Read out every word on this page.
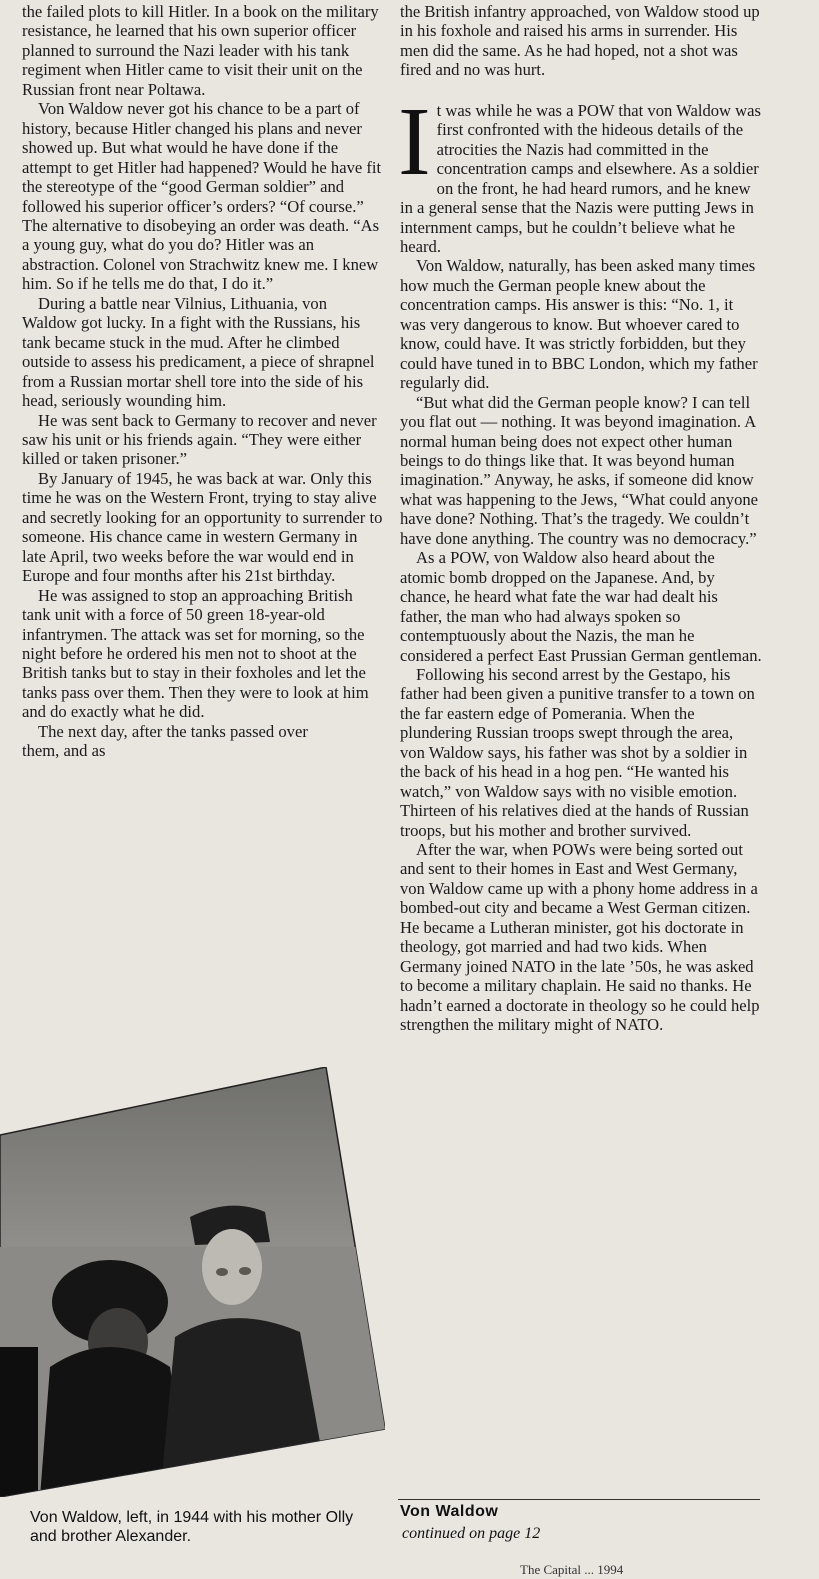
the failed plots to kill Hitler. In a book on the military resistance, he learned that his own superior officer planned to surround the Nazi leader with his tank regiment when Hitler came to visit their unit on the Russian front near Poltawa.

Von Waldow never got his chance to be a part of history, because Hitler changed his plans and never showed up. But what would he have done if the attempt to get Hitler had happened? Would he have fit the stereotype of the “good German soldier” and followed his superior officer’s orders? “Of course.” The alternative to disobeying an order was death. “As a young guy, what do you do? Hitler was an abstraction. Colonel von Strachwitz knew me. I knew him. So if he tells me do that, I do it.”

During a battle near Vilnius, Lithuania, von Waldow got lucky. In a fight with the Russians, his tank became stuck in the mud. After he climbed outside to assess his predicament, a piece of shrapnel from a Russian mortar shell tore into the side of his head, seriously wounding him.

He was sent back to Germany to recover and never saw his unit or his friends again. “They were either killed or taken prisoner.”

By January of 1945, he was back at war. Only this time he was on the Western Front, trying to stay alive and secretly looking for an opportunity to surrender to someone. His chance came in western Germany in late April, two weeks before the war would end in Europe and four months after his 21st birthday.

He was assigned to stop an approaching British tank unit with a force of 50 green 18-year-old infantrymen. The attack was set for morning, so the night before he ordered his men not to shoot at the British tanks but to stay in their foxholes and let the tanks pass over them. Then they were to look at him and do exactly what he did.

The next day, after the tanks passed over them, and as

the British infantry approached, von Waldow stood up in his foxhole and raised his arms in surrender. His men did the same. As he had hoped, not a shot was fired and no was hurt.

It was while he was a POW that von Waldow was first confronted with the hideous details of the atrocities the Nazis had committed in the concentration camps and elsewhere. As a soldier on the front, he had heard rumors, and he knew in a general sense that the Nazis were putting Jews in internment camps, but he couldn’t believe what he heard.

Von Waldow, naturally, has been asked many times how much the German people knew about the concentration camps. His answer is this: “No. 1, it was very dangerous to know. But whoever cared to know, could have. It was strictly forbidden, but they could have tuned in to BBC London, which my father regularly did.

“But what did the German people know? I can tell you flat out — nothing. It was beyond imagination. A normal human being does not expect other human beings to do things like that. It was beyond human imagination.” Anyway, he asks, if someone did know what was happening to the Jews, “What could anyone have done? Nothing. That’s the tragedy. We couldn’t have done anything. The country was no democracy.”

As a POW, von Waldow also heard about the atomic bomb dropped on the Japanese. And, by chance, he heard what fate the war had dealt his father, the man who had always spoken so contemptuously about the Nazis, the man he considered a perfect East Prussian German gentleman.

Following his second arrest by the Gestapo, his father had been given a punitive transfer to a town on the far eastern edge of Pomerania. When the plundering Russian troops swept through the area, von Waldow says, his father was shot by a soldier in the back of his head in a hog pen. “He wanted his watch,” von Waldow says with no visible emotion. Thirteen of his relatives died at the hands of Russian troops, but his mother and brother survived.

After the war, when POWs were being sorted out and sent to their homes in East and West Germany, von Waldow came up with a phony home address in a bombed-out city and became a West German citizen. He became a Lutheran minister, got his doctorate in theology, got married and had two kids. When Germany joined NATO in the late ’50s, he was asked to become a military chaplain. He said no thanks. He hadn’t earned a doctorate in theology so he could help strengthen the military might of NATO.

Von Waldow, left, in 1944 with his mother Olly and brother Alexander.
Von Waldow
continued on page 12
The Capital ... 1994
